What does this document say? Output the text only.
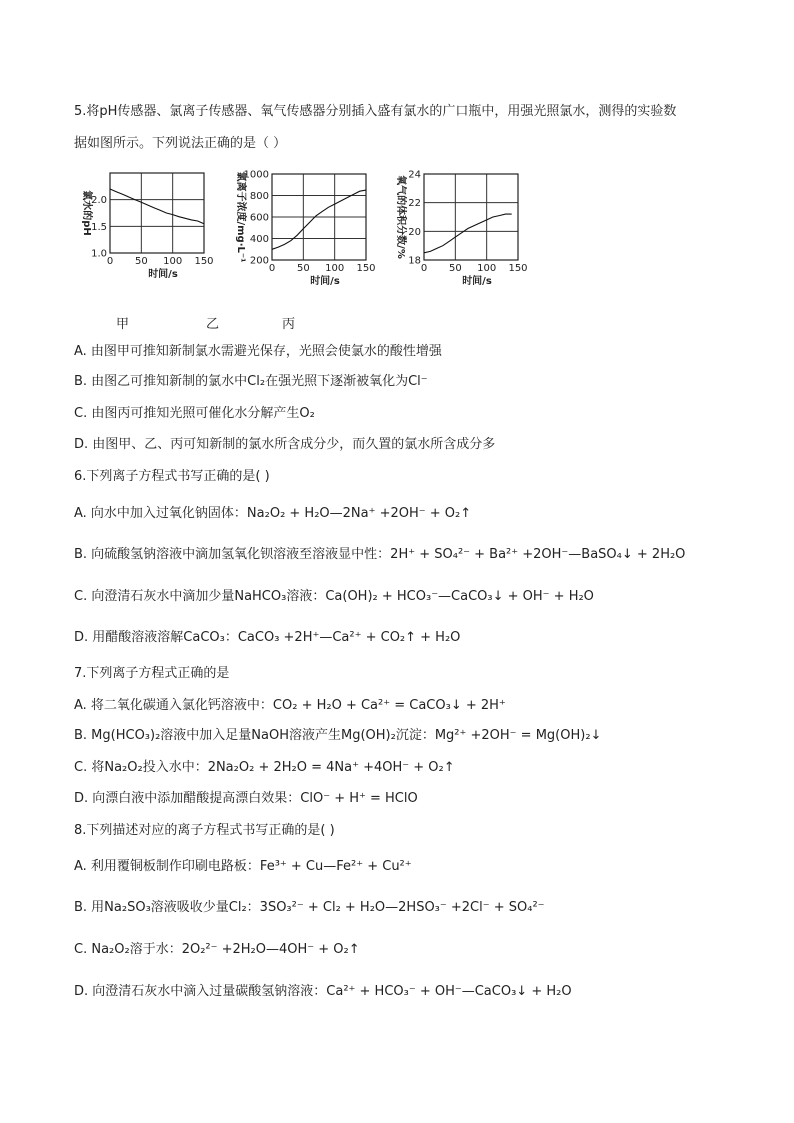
5.将pH传感器、氯离子传感器、氧气传感器分别插入盛有氯水的广口瓶中，用强光照氯水，测得的实验数
据如图所示。下列说法正确的是（ ）
0 50 100 150
1.0
1.5
2.0
时间/s
氯水的pH
0 50 100 150
200
400
600
800
1000
时间/s
氯离子浓度/mg·L⁻¹
0 50 100 150
18
20
22
24
时间/s
氧气的体积分数/%
甲	乙	丙
A. 由图甲可推知新制氯水需避光保存，光照会使氯水的酸性增强
B. 由图乙可推知新制的氯水中Cl₂在强光照下逐渐被氧化为Cl⁻
C. 由图丙可推知光照可催化水分解产生O₂
D. 由图甲、乙、丙可知新制的氯水所含成分少，而久置的氯水所含成分多
6.下列离子方程式书写正确的是( )
A. 向水中加入过氧化钠固体：Na₂O₂ + H₂O—2Na⁺ +2OH⁻ + O₂↑
B. 向硫酸氢钠溶液中滴加氢氧化钡溶液至溶液显中性：2H⁺ + SO₄²⁻ + Ba²⁺ +2OH⁻—BaSO₄↓ + 2H₂O
C. 向澄清石灰水中滴加少量NaHCO₃溶液：Ca(OH)₂ + HCO₃⁻—CaCO₃↓ + OH⁻ + H₂O
D. 用醋酸溶液溶解CaCO₃：CaCO₃ +2H⁺—Ca²⁺ + CO₂↑ + H₂O
7.下列离子方程式正确的是
A. 将二氧化碳通入氯化钙溶液中：CO₂ + H₂O + Ca²⁺ = CaCO₃↓ + 2H⁺
B. Mg(HCO₃)₂溶液中加入足量NaOH溶液产生Mg(OH)₂沉淀：Mg²⁺ +2OH⁻ = Mg(OH)₂↓
C. 将Na₂O₂投入水中：2Na₂O₂ + 2H₂O = 4Na⁺ +4OH⁻ + O₂↑
D. 向漂白液中添加醋酸提高漂白效果：ClO⁻ + H⁺ = HClO
8.下列描述对应的离子方程式书写正确的是( )
A. 利用覆铜板制作印刷电路板：Fe³⁺ + Cu—Fe²⁺ + Cu²⁺
B. 用Na₂SO₃溶液吸收少量Cl₂：3SO₃²⁻ + Cl₂ + H₂O—2HSO₃⁻ +2Cl⁻ + SO₄²⁻
C. Na₂O₂溶于水：2O₂²⁻ +2H₂O—4OH⁻ + O₂↑
D. 向澄清石灰水中滴入过量碳酸氢钠溶液：Ca²⁺ + HCO₃⁻ + OH⁻—CaCO₃↓ + H₂O
